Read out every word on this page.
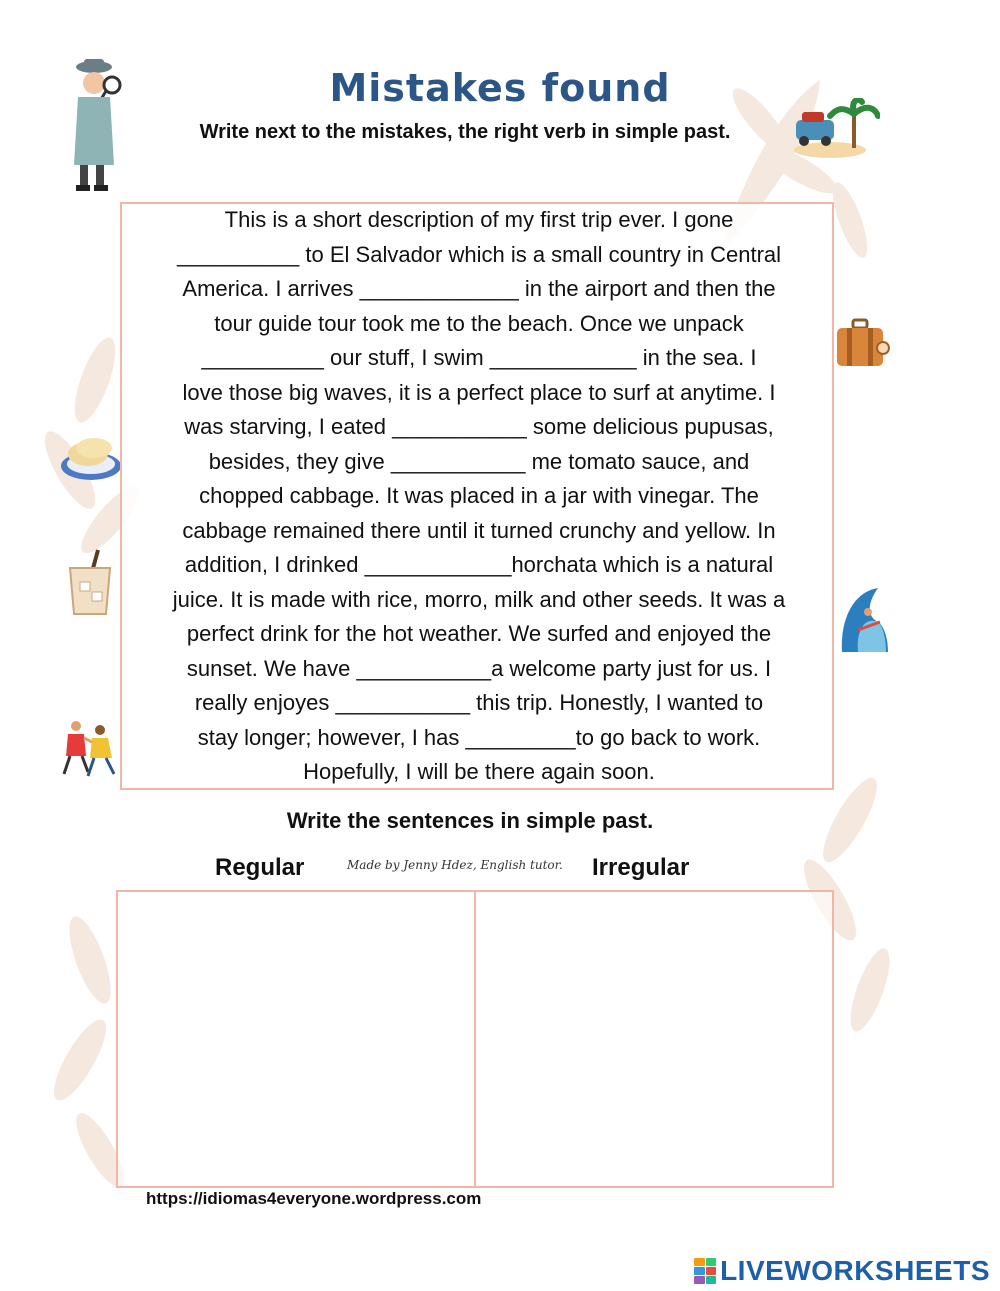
Mistakes found
Write next to the mistakes, the right verb in simple past.
This is a short description of my first trip ever. I gone
__________ to El Salvador which is a small country in Central
America. I arrives _____________ in the airport and then the
tour guide tour took me to the beach. Once we unpack
__________ our stuff, I swim ____________ in the sea. I
love those big waves, it is a perfect place to surf at anytime. I
was starving, I eated ___________ some delicious pupusas,
besides, they give ___________ me tomato sauce, and
chopped cabbage. It was placed in a jar with vinegar. The
cabbage remained there until it turned crunchy and yellow. In
addition, I drinked ____________horchata which is a natural
juice. It is made with rice, morro, milk and other seeds. It was a
perfect drink for the hot weather. We surfed and enjoyed the
sunset. We have ___________a welcome party just for us. I
really enjoyes ___________ this trip. Honestly, I wanted to
stay longer; however, I has _________to go back to work.
Hopefully, I will be there again soon.
Write the sentences in simple past.
Regular	Made by Jenny Hdez, English tutor. Irregular
https://idiomas4everyone.wordpress.com
LIVEWORKSHEETS
